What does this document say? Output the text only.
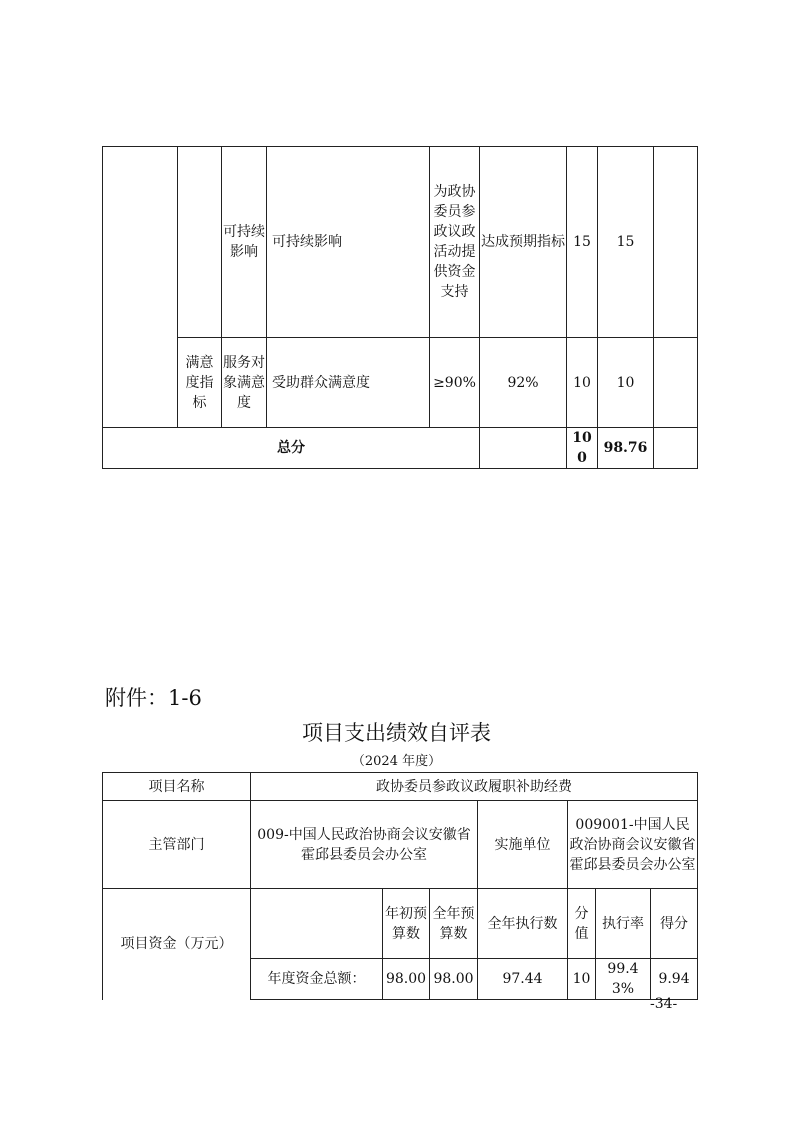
		可持续影响	可持续影响	为政协委员参政议政活动提供资金支持	达成预期指标	15	15	
	满意度指标	服务对象满意度	受助群众满意度	≥90%	92%	10	10	
总分						100	98.76	
附件：1-6
项目支出绩效自评表
（2024 年度）
项目名称	政协委员参政议政履职补助经费						
主管部门	009-中国人民政治协商会议安徽省霍邱县委员会办公室			实施单位	009001-中国人民政治协商会议安徽省霍邱县委员会办公室		
项目资金（万元）		年初预算数	全年预算数	全年执行数	分值	执行率	得分
	年度资金总额：	98.00	98.00	97.44	10	99.43%	9.94
-34-
